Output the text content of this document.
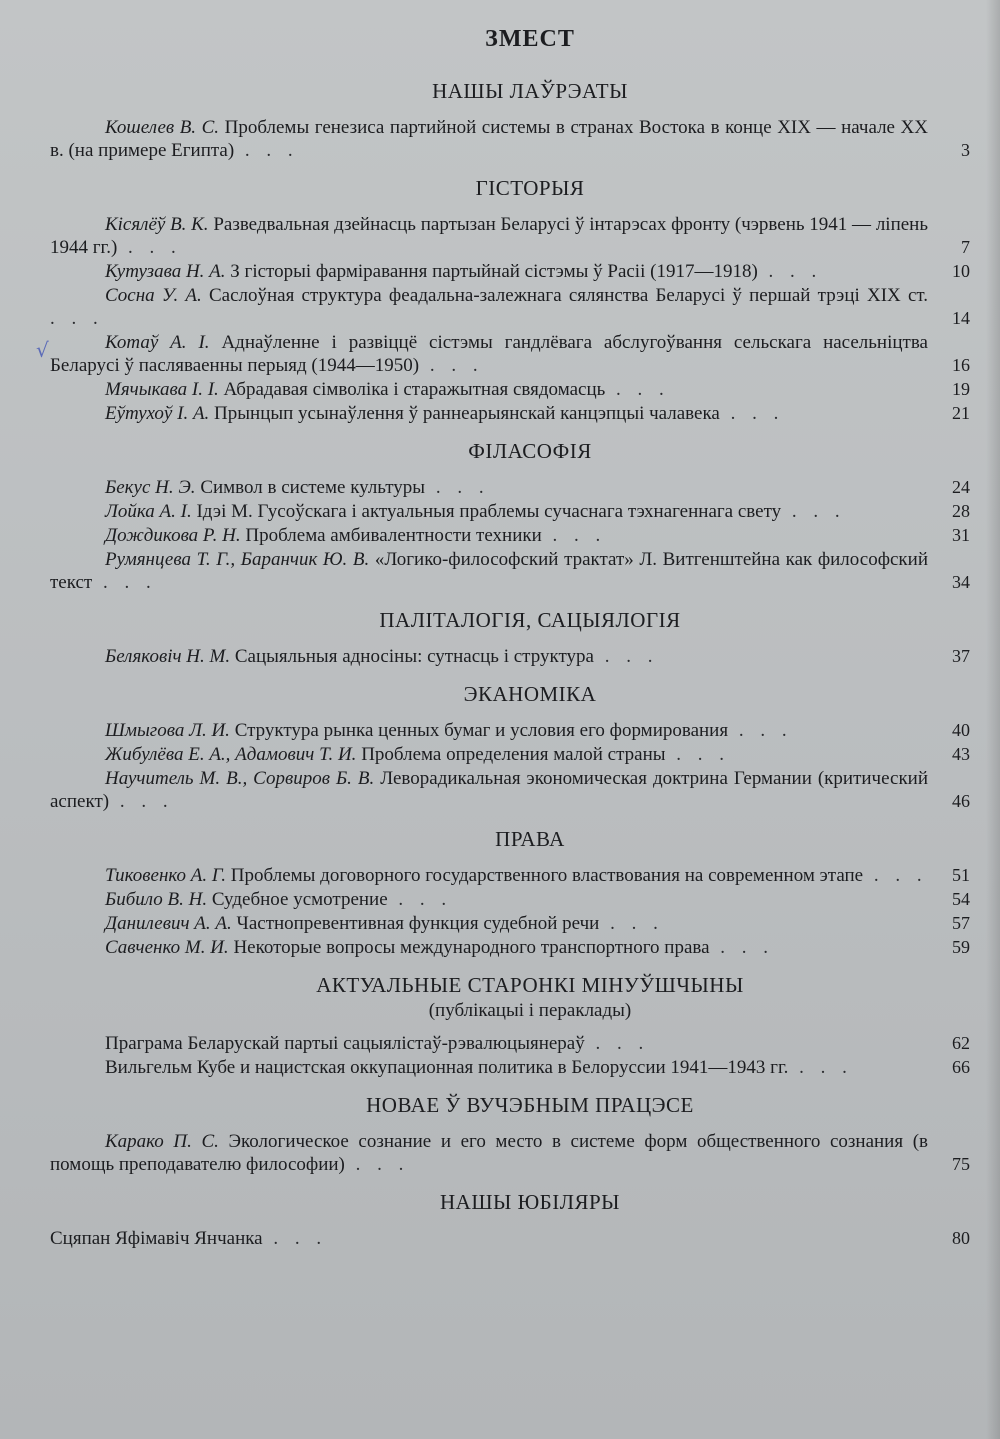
√
ЗМЕСТ
НАШЫ ЛАЎРЭАТЫ
Кошелев В. С. Проблемы генезиса партийной системы в странах Востока в конце XIX — начале XX в. (на примере Египта) . . .	3
ГІСТОРЫЯ
Кісялёў В. К. Разведвальная дзейнасць партызан Беларусі ў інтарэсах фронту (чэрвень 1941 — ліпень 1944 гг.) . . .	7
Кутузава Н. А. З гісторыі фарміравання партыйнай сістэмы ў Расіі (1917—1918) . . .	10
Сосна У. А. Саслоўная структура феадальна-залежнага сялянства Беларусі ў першай трэці XIX ст. . . .	14
Котаў А. І. Аднаўленне і развіццё сістэмы гандлёвага абслугоўвання сельскага насельніцтва Беларусі ў пасляваенны перыяд (1944—1950) . . .	16
Мячыкава І. І. Абрадавая сімволіка і старажытная свядомасць . . .	19
Еўтухоў І. А. Прынцып усынаўлення ў раннеарыянскай канцэпцыі чалавека . . .	21
ФІЛАСОФІЯ
Бекус Н. Э. Символ в системе культуры . . .	24
Лойка А. І. Ідэі М. Гусоўскага і актуальныя праблемы сучаснага тэхнагеннага свету . . .	28
Дождикова Р. Н. Проблема амбивалентности техники . . .	31
Румянцева Т. Г., Баранчик Ю. В. «Логико-философский трактат» Л. Витгенштейна как философский текст . . .	34
ПАЛІТАЛОГІЯ, САЦЫЯЛОГІЯ
Беляковіч Н. М. Сацыяльныя адносіны: сутнасць і структура . . .	37
ЭКАНОМІКА
Шмыгова Л. И. Структура рынка ценных бумаг и условия его формирования . . .	40
Жибулёва Е. А., Адамович Т. И. Проблема определения малой страны . . .	43
Научитель М. В., Сорвиров Б. В. Леворадикальная экономическая доктрина Германии (критический аспект) . . .	46
ПРАВА
Тиковенко А. Г. Проблемы договорного государственного властвования на современном этапе . . .	51
Бибило В. Н. Судебное усмотрение . . .	54
Данилевич А. А. Частнопревентивная функция судебной речи . . .	57
Савченко М. И. Некоторые вопросы международного транспортного права . . .	59
АКТУАЛЬНЫЕ СТАРОНКІ МІНУЎШЧЫНЫ
(публікацыі і пераклады)
Праграма Беларускай партыі сацыялістаў-рэвалюцыянераў . . .	62
Вильгельм Кубе и нацистская оккупационная политика в Белоруссии 1941—1943 гг. . . .	66
НОВАЕ Ў ВУЧЭБНЫМ ПРАЦЭСЕ
Карако П. С. Экологическое сознание и его место в системе форм общественного сознания (в помощь преподавателю философии) . . .	75
НАШЫ ЮБІЛЯРЫ
Сцяпан Яфімавіч Янчанка . . .	80
